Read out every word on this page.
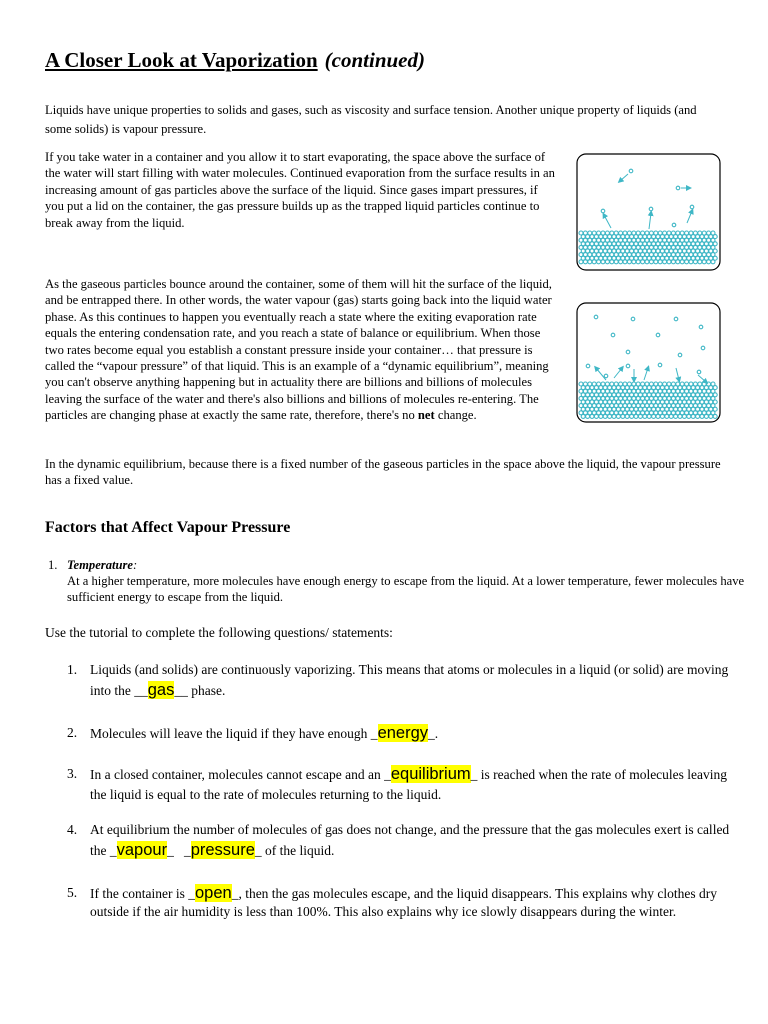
A Closer Look at Vaporization (continued)

Liquids have unique properties to solids and gases, such as viscosity and surface tension. Another unique property of liquids (and some solids) is vapour pressure.

If you take water in a container and you allow it to start evaporating, the space above the surface of the water will start filling with water molecules. Continued evaporation from the surface results in an increasing amount of gas particles above the surface of the liquid. Since gases impart pressures, if you put a lid on the container, the gas pressure builds up as the trapped liquid particles continue to break away from the liquid.

As the gaseous particles bounce around the container, some of them will hit the surface of the liquid, and be entrapped there. In other words, the water vapour (gas) starts going back into the liquid water phase. As this continues to happen you eventually reach a state where the exiting evaporation rate equals the entering condensation rate, and you reach a state of balance or equilibrium. When those two rates become equal you establish a constant pressure inside your container… that pressure is called the “vapour pressure” of that liquid. This is an example of a “dynamic equilibrium”, meaning you can't observe anything happening but in actuality there are billions and billions of molecules leaving the surface of the water and there's also billions and billions of molecules re-entering. The particles are changing phase at exactly the same rate, therefore, there's no net change.

In the dynamic equilibrium, because there is a fixed number of the gaseous particles in the space above the liquid, the vapour pressure has a fixed value.

Factors that Affect Vapour Pressure
1. Temperature:
At a higher temperature, more molecules have enough energy to escape from the liquid. At a lower temperature, fewer molecules have sufficient energy to escape from the liquid.
Use the tutorial to complete the following questions/ statements:
1. Liquids (and solids) are continuously vaporizing. This means that atoms or molecules in a liquid (or solid) are moving into the __gas__ phase.
2. Molecules will leave the liquid if they have enough _energy_.
3. In a closed container, molecules cannot escape and an _equilibrium_ is reached when the rate of molecules leaving the liquid is equal to the rate of molecules returning to the liquid.
4. At equilibrium the number of molecules of gas does not change, and the pressure that the gas molecules exert is called the _vapour_   _pressure_ of the liquid.
5. If the container is _open_, then the gas molecules escape, and the liquid disappears. This explains why clothes dry outside if the air humidity is less than 100%. This also explains why ice slowly disappears during the winter.
